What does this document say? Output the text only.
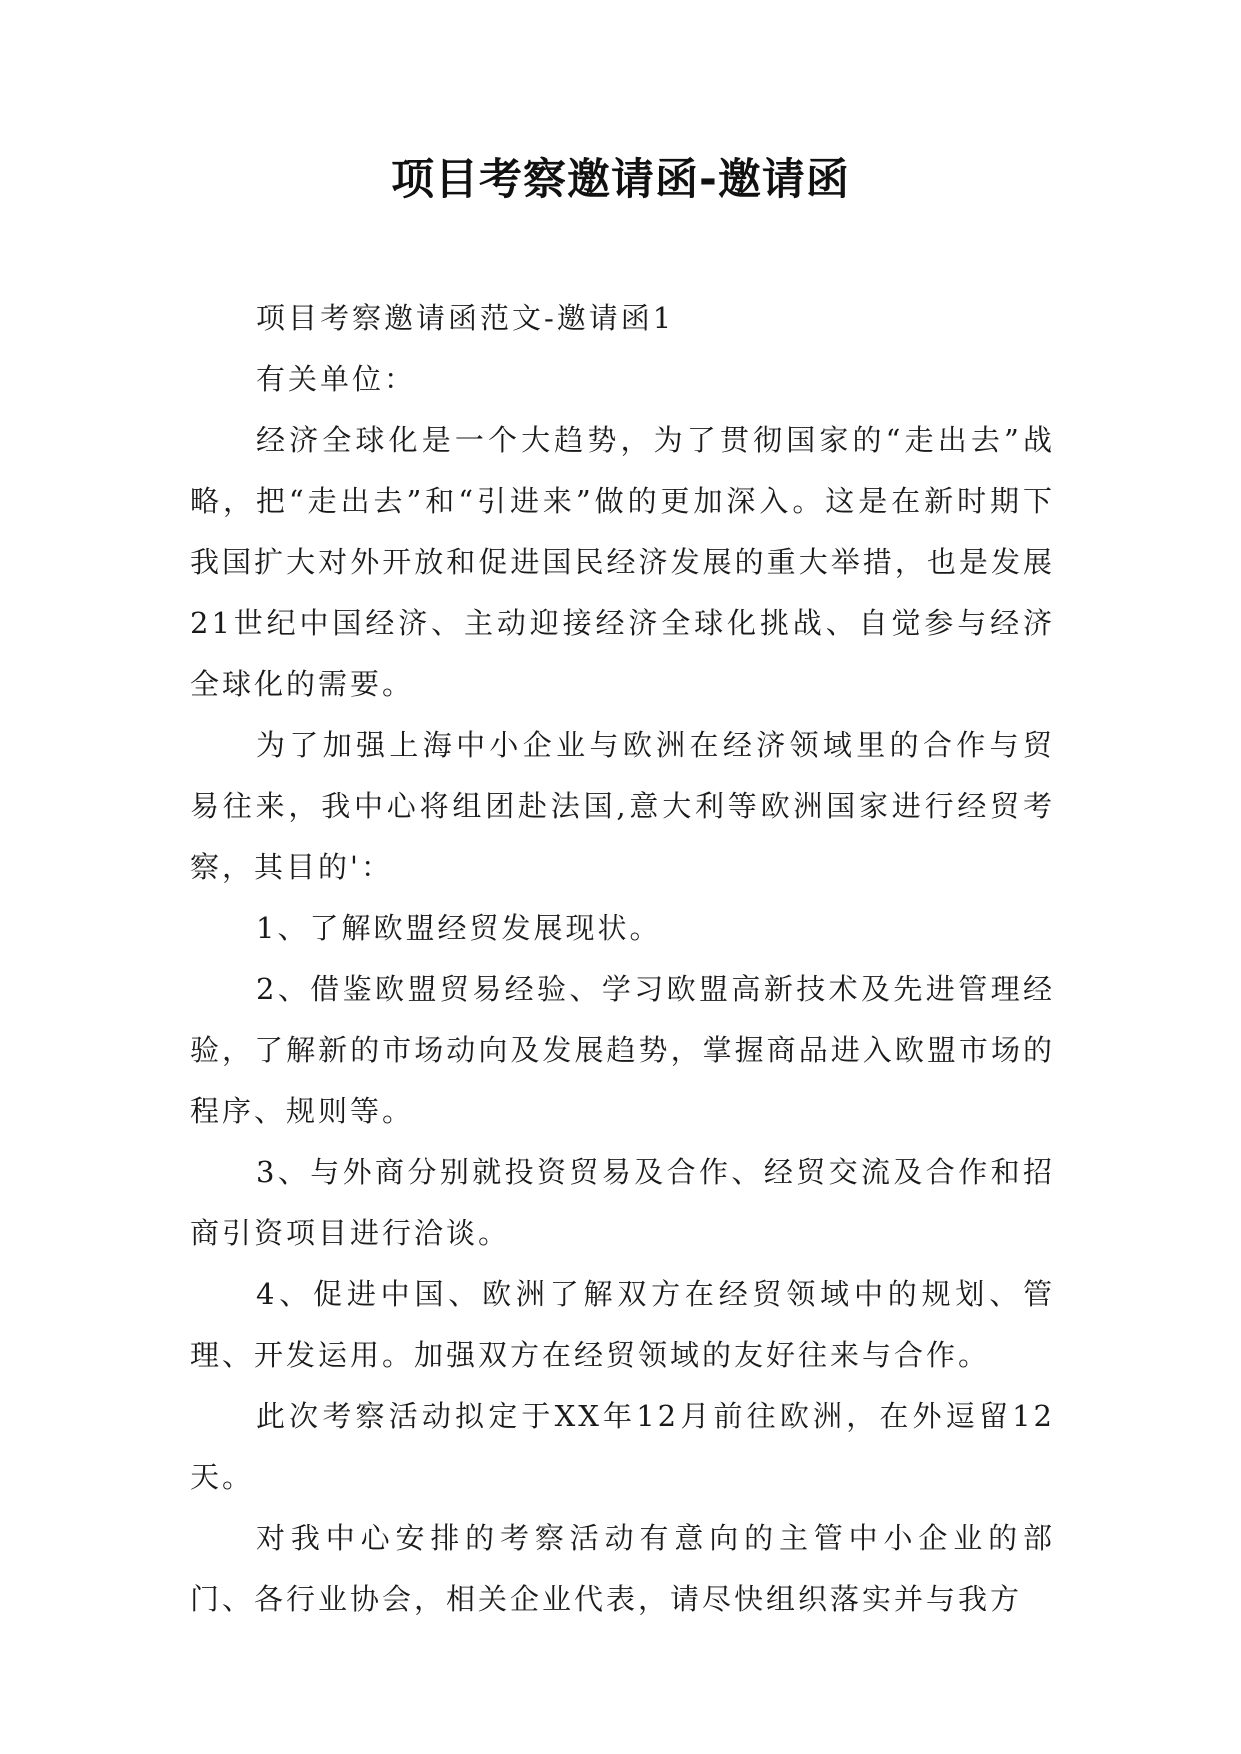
项目考察邀请函-邀请函

项目考察邀请函范文-邀请函1

有关单位：

经济全球化是一个大趋势，为了贯彻国家的“走出去”战略，把“走出去”和“引进来”做的更加深入。这是在新时期下我国扩大对外开放和促进国民经济发展的重大举措，也是发展21世纪中国经济、主动迎接经济全球化挑战、自觉参与经济全球化的需要。

为了加强上海中小企业与欧洲在经济领域里的合作与贸易往来，我中心将组团赴法国,意大利等欧洲国家进行经贸考察，其目的'：

1、了解欧盟经贸发展现状。

2、借鉴欧盟贸易经验、学习欧盟高新技术及先进管理经验，了解新的市场动向及发展趋势，掌握商品进入欧盟市场的程序、规则等。

3、与外商分别就投资贸易及合作、经贸交流及合作和招商引资项目进行洽谈。

4、促进中国、欧洲了解双方在经贸领域中的规划、管理、开发运用。加强双方在经贸领域的友好往来与合作。

此次考察活动拟定于XX年12月前往欧洲，在外逗留12天。

对我中心安排的考察活动有意向的主管中小企业的部门、各行业协会，相关企业代表，请尽快组织落实并与我方
